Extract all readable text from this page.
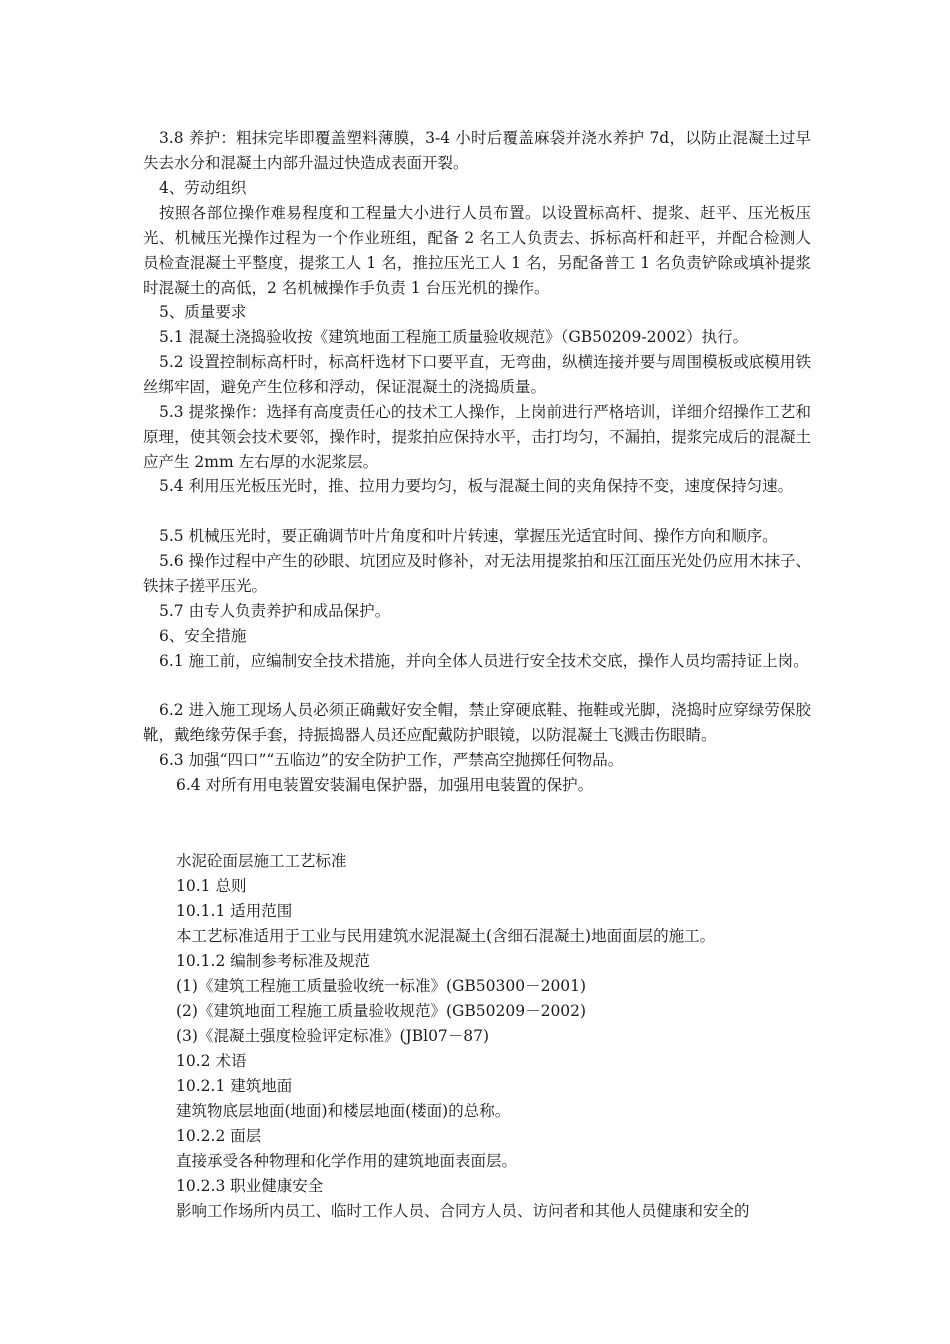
3.8 养护：粗抹完毕即覆盖塑料薄膜，3-4 小时后覆盖麻袋并浇水养护 7d，以防止混凝土过早失去水分和混凝土内部升温过快造成表面开裂。

4、劳动组织

按照各部位操作难易程度和工程量大小进行人员布置。以设置标高杆、提浆、赶平、压光板压光、机械压光操作过程为一个作业班组，配备 2 名工人负责去、拆标高杆和赶平，并配合检测人员检查混凝土平整度，提浆工人 1 名，推拉压光工人 1 名，另配备普工 1 名负责铲除或填补提浆时混凝土的高低，2 名机械操作手负责 1 台压光机的操作。

5、质量要求

5.1 混凝土浇捣验收按《建筑地面工程施工质量验收规范》（GB50209-2002）执行。

5.2 设置控制标高杆时，标高杆选材下口要平直，无弯曲，纵横连接并要与周围模板或底模用铁丝绑牢固，避免产生位移和浮动，保证混凝土的浇捣质量。

5.3 提浆操作：选择有高度责任心的技术工人操作，上岗前进行严格培训，详细介绍操作工艺和原理，使其领会技术要邻，操作时，提浆拍应保持水平，击打均匀，不漏拍，提浆完成后的混凝土应产生 2mm 左右厚的水泥浆层。

5.4 利用压光板压光时，推、拉用力要均匀，板与混凝土间的夹角保持不变，速度保持匀速。

5.5 机械压光时，要正确调节叶片角度和叶片转速，掌握压光适宜时间、操作方向和顺序。

5.6 操作过程中产生的砂眼、坑团应及时修补，对无法用提浆拍和压江面压光处仍应用木抹子、铁抹子搓平压光。

5.7 由专人负责养护和成品保护。

6、安全措施

6.1 施工前，应编制安全技术措施，并向全体人员进行安全技术交底，操作人员均需持证上岗。

6.2 进入施工现场人员必须正确戴好安全帽，禁止穿硬底鞋、拖鞋或光脚，浇捣时应穿绿劳保胶靴，戴绝缘劳保手套，持振捣器人员还应配戴防护眼镜，以防混凝土飞溅击伤眼睛。

6.3 加强“四口”“五临边”的安全防护工作，严禁高空抛掷任何物品。

6.4 对所有用电装置安装漏电保护器，加强用电装置的保护。

水泥砼面层施工工艺标准

10.1 总则

10.1.1 适用范围

本工艺标准适用于工业与民用建筑水泥混凝土(含细石混凝土)地面面层的施工。

10.1.2 编制参考标准及规范

(1)《建筑工程施工质量验收统一标准》(GB50300－2001)

(2)《建筑地面工程施工质量验收规范》(GB50209－2002)

(3)《混凝土强度检验评定标准》(JBl07－87)

10.2 术语

10.2.1 建筑地面

建筑物底层地面(地面)和楼层地面(楼面)的总称。

10.2.2 面层

直接承受各种物理和化学作用的建筑地面表面层。

10.2.3 职业健康安全

影响工作场所内员工、临时工作人员、合同方人员、访问者和其他人员健康和安全的
